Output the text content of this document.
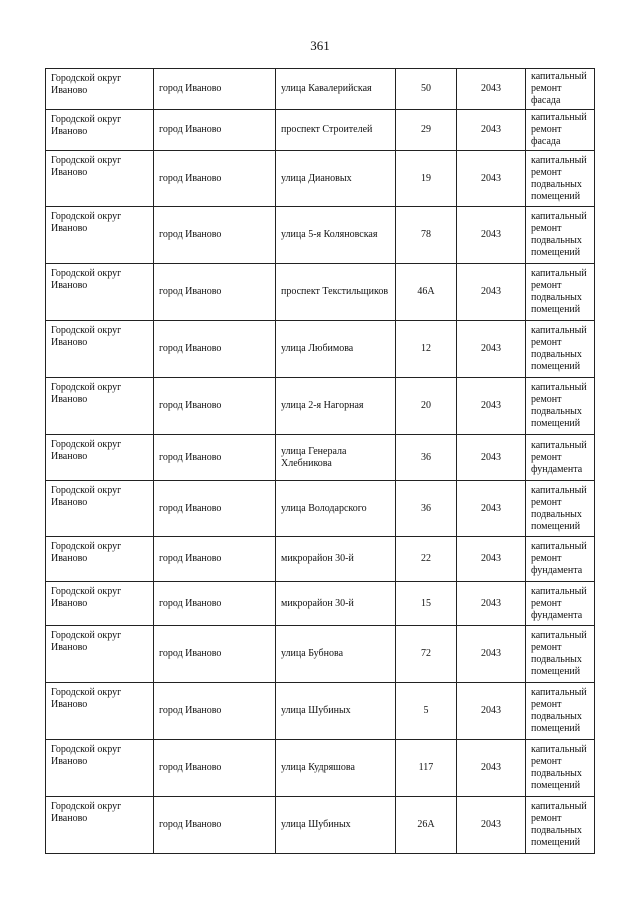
361
Городской округ Иваново	город Иваново	улица Кавалерийская	50	2043	капитальный ремонт фасада
Городской округ Иваново	город Иваново	проспект Строителей	29	2043	капитальный ремонт фасада
Городской округ Иваново	город Иваново	улица Диановых	19	2043	капитальный ремонт подвальных помещений
Городской округ Иваново	город Иваново	улица 5-я Коляновская	78	2043	капитальный ремонт подвальных помещений
Городской округ Иваново	город Иваново	проспект Текстильщиков	46А	2043	капитальный ремонт подвальных помещений
Городской округ Иваново	город Иваново	улица Любимова	12	2043	капитальный ремонт подвальных помещений
Городской округ Иваново	город Иваново	улица 2-я Нагорная	20	2043	капитальный ремонт подвальных помещений
Городской округ Иваново	город Иваново	улица Генерала Хлебникова	36	2043	капитальный ремонт фундамента
Городской округ Иваново	город Иваново	улица Володарского	36	2043	капитальный ремонт подвальных помещений
Городской округ Иваново	город Иваново	микрорайон 30-й	22	2043	капитальный ремонт фундамента
Городской округ Иваново	город Иваново	микрорайон 30-й	15	2043	капитальный ремонт фундамента
Городской округ Иваново	город Иваново	улица Бубнова	72	2043	капитальный ремонт подвальных помещений
Городской округ Иваново	город Иваново	улица Шубиных	5	2043	капитальный ремонт подвальных помещений
Городской округ Иваново	город Иваново	улица Кудряшова	117	2043	капитальный ремонт подвальных помещений
Городской округ Иваново	город Иваново	улица Шубиных	26А	2043	капитальный ремонт подвальных помещений
